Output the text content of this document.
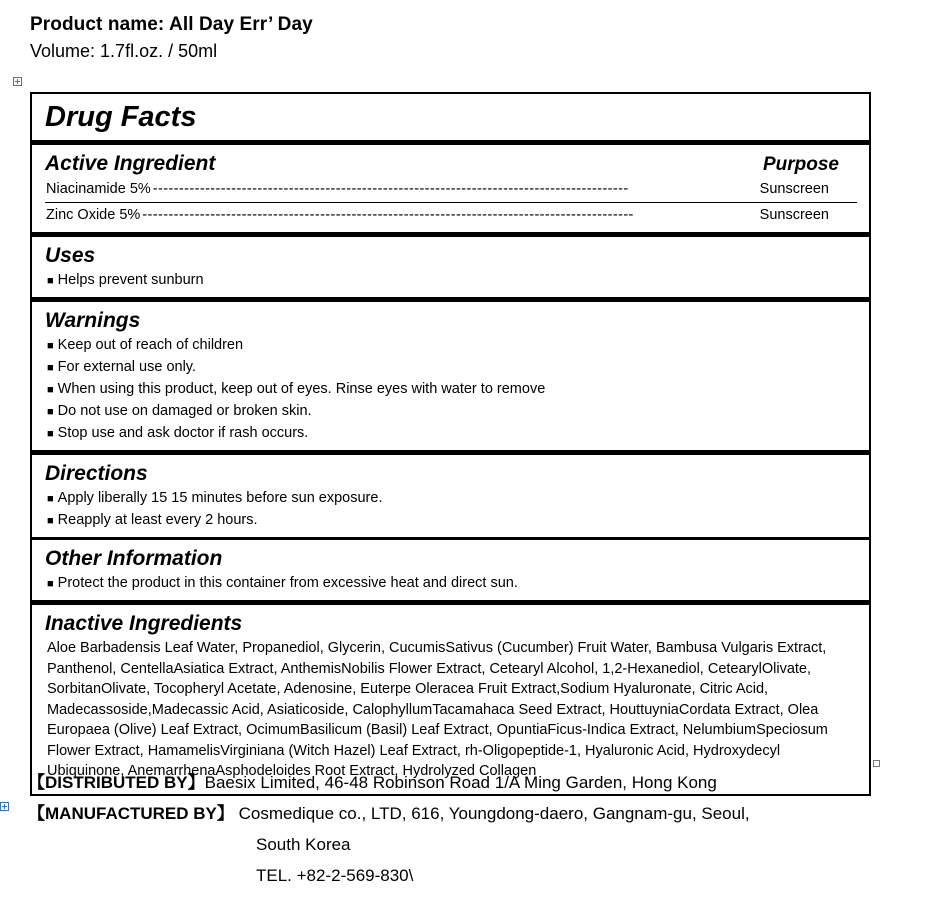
Product name: All Day Err’ Day
Volume: 1.7fl.oz. / 50ml
Drug Facts
Active Ingredient	Purpose
Niacinamide 5% -------------------------------------------------------------------------------------------	Sunscreen
Zinc Oxide 5% ----------------------------------------------------------------------------------------------	Sunscreen
Uses
■ Helps prevent sunburn
Warnings
■ Keep out of reach of children
■ For external use only.
■ When using this product, keep out of eyes. Rinse eyes with water to remove
■ Do not use on damaged or broken skin.
■ Stop use and ask doctor if rash occurs.
Directions
■ Apply liberally 15 15 minutes before sun exposure.
■ Reapply at least every 2 hours.
Other Information
■ Protect the product in this container from excessive heat and direct sun.
Inactive Ingredients
Aloe Barbadensis Leaf Water, Propanediol, Glycerin, CucumisSativus (Cucumber) Fruit Water, Bambusa Vulgaris Extract, Panthenol, CentellaAsiatica Extract, AnthemisNobilis Flower Extract, Cetearyl Alcohol, 1,2-Hexanediol, CetearylOlivate, SorbitanOlivate, Tocopheryl Acetate, Adenosine, Euterpe Oleracea Fruit Extract,Sodium Hyaluronate, Citric Acid, Madecassoside,Madecassic Acid, Asiaticoside, CalophyllumTacamahaca Seed Extract, HouttuyniaCordata Extract, Olea Europaea (Olive) Leaf Extract, OcimumBasilicum (Basil) Leaf Extract, OpuntiaFicus-Indica Extract, NelumbiumSpeciosum Flower Extract, HamamelisVirginiana (Witch Hazel) Leaf Extract, rh-Oligopeptide-1, Hyaluronic Acid, Hydroxydecyl Ubiquinone, AnemarrhenaAsphodeloides Root Extract, Hydrolyzed Collagen
【DISTRIBUTED BY】Baesix Limited, 46-48 Robinson Road 1/A Ming Garden, Hong Kong
【MANUFACTURED BY】 Cosmedique co., LTD, 616, Youngdong-daero, Gangnam-gu, Seoul,
South Korea
TEL. +82-2-569-830\
